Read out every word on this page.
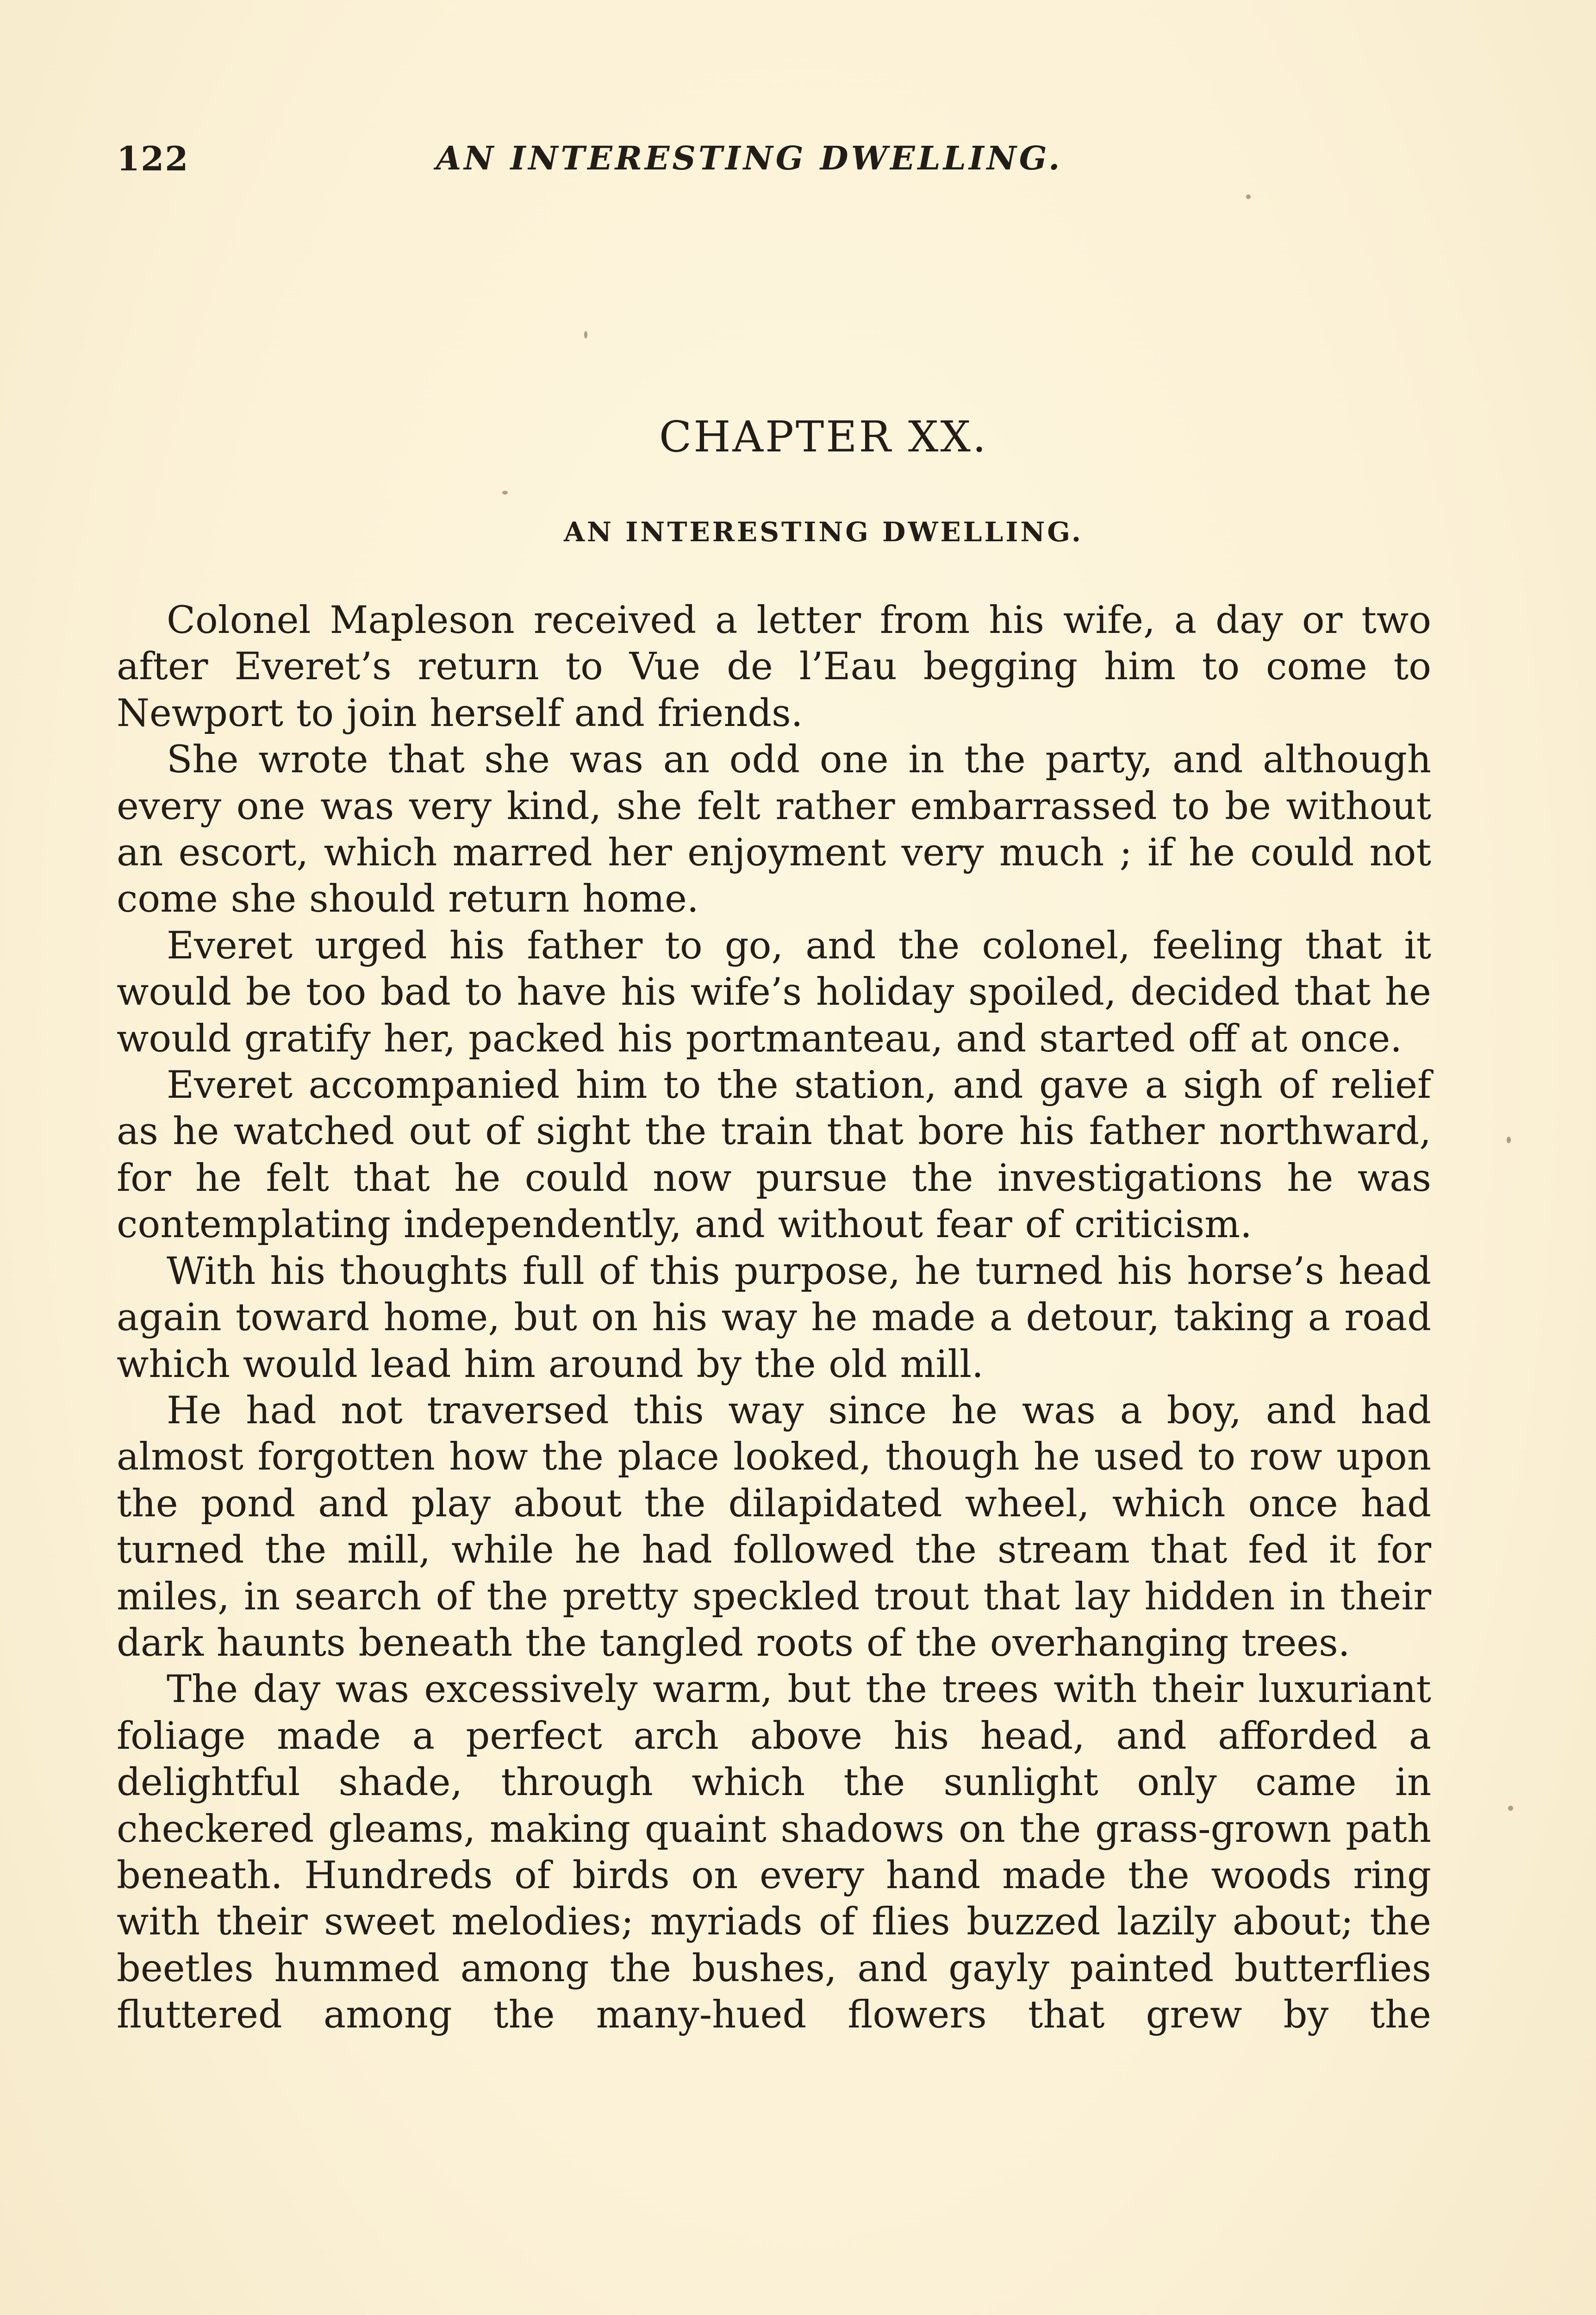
122	AN INTERESTING DWELLING.
CHAPTER XX.
AN INTERESTING DWELLING.

Colonel Mapleson received a letter from his wife, a day or two after Everet’s return to Vue de l’Eau begging him to come to Newport to join herself and friends.

She wrote that she was an odd one in the party, and although every one was very kind, she felt rather embarrassed to be without an escort, which marred her enjoyment very much ; if he could not come she should return home.

Everet urged his father to go, and the colonel, feeling that it would be too bad to have his wife’s holiday spoiled, decided that he would gratify her, packed his portmanteau, and started off at once.

Everet accompanied him to the station, and gave a sigh of relief as he watched out of sight the train that bore his father northward, for he felt that he could now pursue the investigations he was contemplating independently, and without fear of criticism.

With his thoughts full of this purpose, he turned his horse’s head again toward home, but on his way he made a detour, taking a road which would lead him around by the old mill.

He had not traversed this way since he was a boy, and had almost forgotten how the place looked, though he used to row upon the pond and play about the dilapidated wheel, which once had turned the mill, while he had followed the stream that fed it for miles, in search of the pretty speckled trout that lay hidden in their dark haunts beneath the tangled roots of the overhanging trees.

The day was excessively warm, but the trees with their luxuriant foliage made a perfect arch above his head, and afforded a delightful shade, through which the sunlight only came in checkered gleams, making quaint shadows on the grass-grown path beneath. Hundreds of birds on every hand made the woods ring with their sweet melodies; myriads of flies buzzed lazily about; the beetles hummed among the bushes, and gayly painted butterflies fluttered among the many-hued flowers that grew by the
